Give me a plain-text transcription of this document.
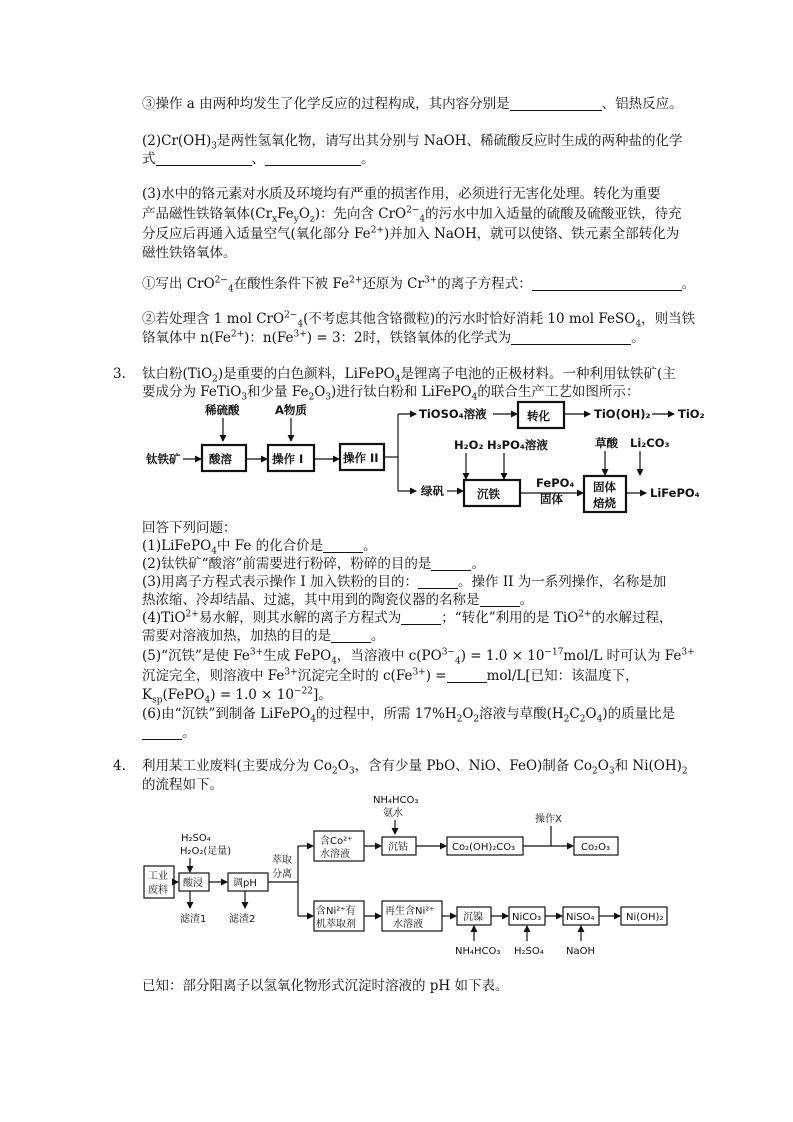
③操作 a 由两种均发生了化学反应的过程构成，其内容分别是	、铝热反应。
$(2)Cr(OH)_3$是两性氢氧化物，请写出其分别与 NaOH、稀硫酸反应时生成的两种盐的化学
式	、	。
(3)水中的铬元素对水质及环境均有严重的损害作用，必须进行无害化处理。转化为重要
产品磁性铁铬氧体$(Cr_xFe_yO_z)$：先向含 CrO$^{2-}_4$的污水中加入适量的硫酸及硫酸亚铁，待充
分反应后再通入适量空气(氧化部分 $Fe^{2+}$)并加入 NaOH，就可以使铬、铁元素全部转化为
磁性铁铬氧体。
①写出 CrO$^{2-}_4$在酸性条件下被 $Fe^{2+}$还原为 $Cr^{3+}$的离子方程式：	。
②若处理含 1 mol CrO$^{2-}_4$(不考虑其他含铬微粒)的污水时恰好消耗 10 mol FeSO$_4$，则当铁
铬氧体中 $n(Fe^{2+})$：$n(Fe^{3+}) = 3$：2时，铁铬氧体的化学式为	。
3. 钛白粉(TiO$_2$)是重要的白色颜料，LiFePO$_4$是锂离子电池的正极材料。一种利用钛铁矿(主
要成分为 FeTiO$_3$和少量 $Fe_2O_3$)进行钛白粉和 LiFePO$_4$的联合生产工艺如图所示：
稀硫酸	A物质
钛铁矿 酸溶	操作 I	操作 II
TiOSO₄溶液	转化	TiO(OH)₂ TiO₂
H₂O₂ H₃PO₄溶液	草酸 Li₂CO₃
绿矾	沉铁
FePO₄
固体
固体
焙烧
LiFePO₄
回答下列问题：
(1)LiFePO$_4$中 Fe 的化合价是	。
(2)钛铁矿“酸溶”前需要进行粉碎，粉碎的目的是	。
(3)用离子方程式表示操作 I 加入铁粉的目的：	。操作 II 为一系列操作，名称是加
热浓缩、冷却结晶、过滤，其中用到的陶瓷仪器的名称是	。
(4)TiO$^{2+}$易水解，则其水解的离子方程式为	；“转化”利用的是 TiO$^{2+}$的水解过程，
需要对溶液加热，加热的目的是	。
(5)“沉铁”是使 $Fe^{3+}$生成 FePO$_4$，当溶液中 $c(PO^{3-}_4) = 1.0 \times 10^{-17}mol/L$ 时可认为 $Fe^{3+}$
沉淀完全，则溶液中 $Fe^{3+}$沉淀完全时的 $c(Fe^{3+})$ =	mol/L[已知：该温度下，
$K_{sp}(FePO_4) = 1.0 \times 10^{-22}$]。
(6)由“沉铁”到制备 LiFePO$_4$的过程中，所需 $17\%H_2O_2$溶液与草酸$(H_2C_2O_4)$的质量比是
。
4. 利用某工业废料(主要成分为 $Co_2O_3$，含有少量 PbO、NiO、FeO)制备 $Co_2O_3$和 $Ni(OH)_2$
的流程如下。
NH₄HCO₃
氨水
操作X
H₂SO₄
H₂O₂(足量)
工业
废料
酸浸	调pH
滤渣1 滤渣2
萃取
分离
含Co²⁺
水溶液
沉钴	Co₂(OH)₂CO₃	Co₂O₃
含Ni²⁺有
机萃取剂
再生含Ni²⁺
水溶液
沉镍	NiCO₃ NiSO₄	Ni(OH)₂
NH₄HCO₃ H₂SO₄ NaOH
已知：部分阳离子以氢氧化物形式沉淀时溶液的 pH 如下表。
